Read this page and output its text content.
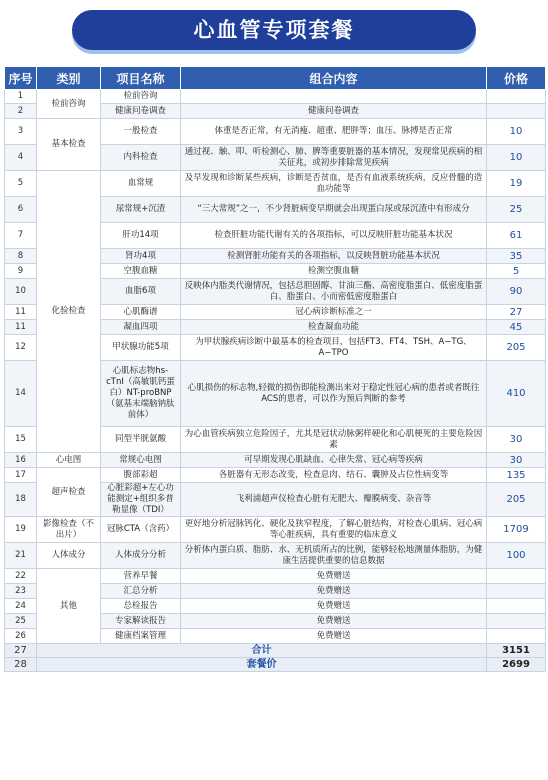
心血管专项套餐
序号	类别	项目名称	组合内容	价格
1	检前咨询	检前咨询		
2		健康问卷调查	健康问卷调查	
3	基本检查	一般检查	体重是否正常，有无消瘦、超重、肥胖等；血压、脉搏是否正常	10
4		内科检查	通过视、触、叩、听检测心、肺、脾等重要脏器的基本情况，发现常见疾病的相关征兆，或初步排除常见疾病	10
5	化验检查	血常规	及早发现和诊断某些疾病，诊断是否贫血，是否有血液系统疾病，反应骨髓的造血功能等	19
6		尿常规+沉渣	“三大常规”之一，不少肾脏病变早期就会出现蛋白尿或尿沉渣中有形成分	25
7		肝功14项	检查肝脏功能代谢有关的各项指标，可以反映肝脏功能基本状况	61
8		肾功4项	检测肾脏功能有关的各项指标，以反映肾脏功能基本状况	35
9		空腹血糖	检测空腹血糖	5
10		血脂6项	反映体内脂类代谢情况，包括总胆固醇、甘油三酯、高密度脂蛋白、低密度脂蛋白、脂蛋白、小而密低密度脂蛋白	90
11		心肌酶谱	冠心病诊断标准之一	27
11		凝血四项	检查凝血功能	45
12		甲状腺功能5项	为甲状腺疾病诊断中最基本的检查项目，包括FT3、FT4、TSH、A−TG、A−TPO	205
14		心肌标志物hs-cTnI（高敏肌钙蛋白）NT-proBNP（氨基末端脑钠肽前体）	心肌损伤的标志物,轻微的损伤即能检测出来对于稳定性冠心病的患者或者既往ACS的患者，可以作为预后判断的参考	410
15		同型半胱氨酸	为心血管疾病独立危险因子，尤其是冠状动脉粥样硬化和心肌梗死的主要危险因素	30
16	心电图	常规心电图	可早期发现心肌缺血、心律失常、冠心病等疾病	30
17	超声检查	腹部彩超	各脏器有无形态改变，检查息肉、结石、囊肿及占位性病变等	135
18		心脏彩超+左心功能测定+组织多普勒显像（TDI）	飞利浦超声仪检查心脏有无肥大、瓣膜病变、杂音等	205
19	影像检查（不出片）	冠脉CTA（含药）	更好地分析冠脉钙化、硬化及狭窄程度，了解心脏结构，对检查心肌病、冠心病等心脏疾病，具有重要的临床意义	1709
21	人体成分	人体成分分析	分析体内蛋白质、脂肪、水、无机质所占的比例，能够轻松地测量体脂肪，为健康生活提供重要的信息数据	100
22	其他	营养早餐	免费赠送	
23		汇总分析	免费赠送	
24		总检报告	免费赠送	
25		专家解读报告	免费赠送	
26		健康档案管理	免费赠送	
27	合计			3151
28	套餐价			2699
